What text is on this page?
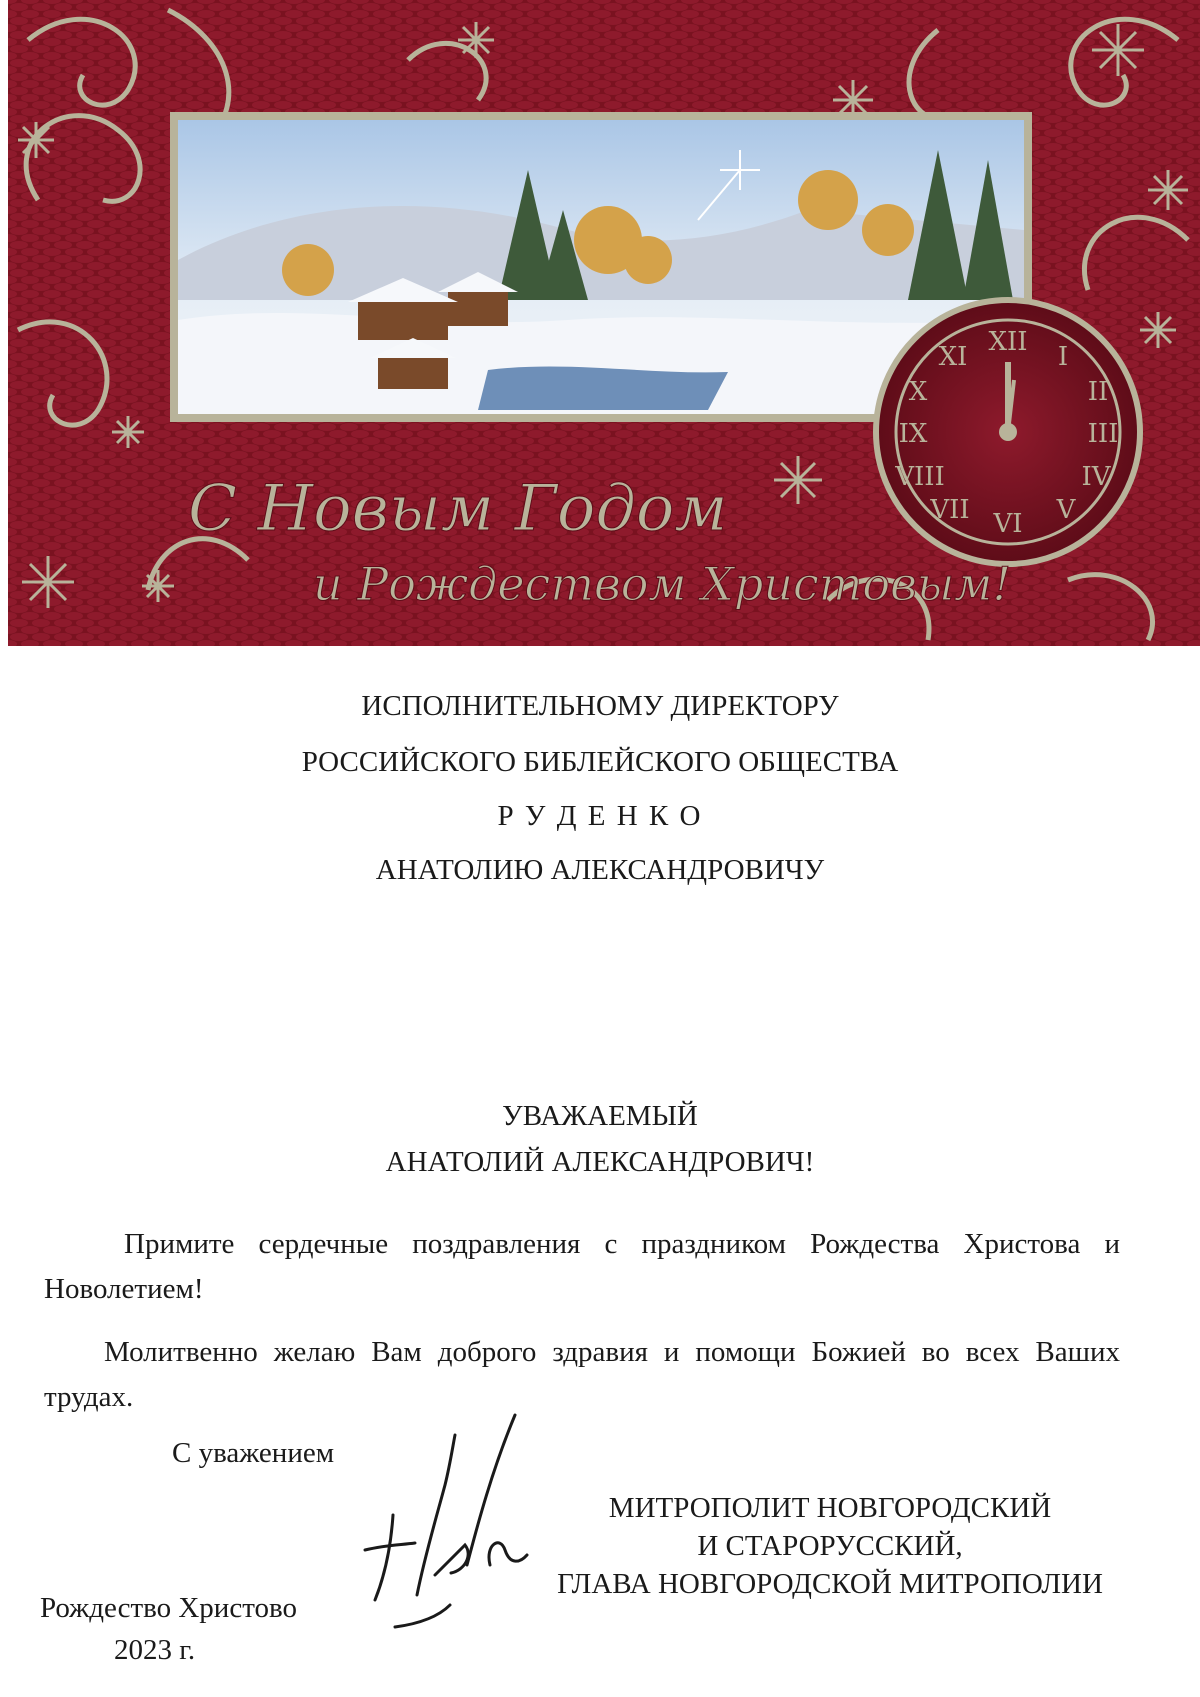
XII I
II
III
IV
V
VI
VII
VIII
IX
X
XI
С Новым Годом
и Рождеством Христовым!
ИСПОЛНИТЕЛЬНОМУ ДИРЕКТОРУ
РОССИЙСКОГО БИБЛЕЙСКОГО ОБЩЕСТВА
Р У Д Е Н К О
АНАТОЛИЮ АЛЕКСАНДРОВИЧУ
УВАЖАЕМЫЙ
АНАТОЛИЙ АЛЕКСАНДРОВИЧ!
Примите сердечные поздравления с праздником Рождества Христова и
Новолетием!
Молитвенно желаю Вам доброго здравия и помощи Божией во всех Ваших
трудах.
С уважением
МИТРОПОЛИТ НОВГОРОДСКИЙ
И СТАРОРУССКИЙ,
ГЛАВА НОВГОРОДСКОЙ МИТРОПОЛИИ
Рождество Христово
2023 г.
